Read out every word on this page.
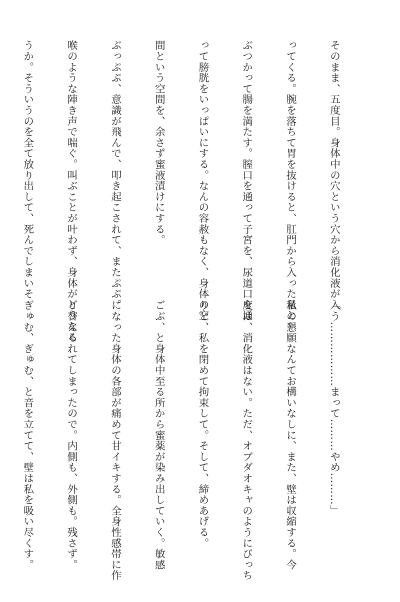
そのまま、五度目。身体中の穴という穴から消化液が入

ってくる。腕を落ちて胃を抜けると、肛門から入った量と

ぶつかって腸を満たす。膣口を通って子宮を、尿道口を通

って膀胱をいっぱいにする。なんの容赦もなく、身体の空

間という空間を、余さず蜜液漬けにする。

ぶっぷぷ、意識が飛んで、叩き起こされて、またぷぷ。

喉のような陣き声で喘ぐ。叫ぶことが叶わず、身体がどうなる

うか。そういうのを全て放り出して、死んでしまいそ

「う………………まって………やめ………」

私の懇願なんてお構いなしに、また、壁は収縮する。今

度は、消化液はない。ただ、オブダオキャのようにびっち

りと、私を閉めて拘束して。そして、締めあげる。

ごぶ、と身体中至る所から蜜薬が染み出していく。敏感

になった身体の各部が痛めて甘イキする。全身性感帯に作

り替えられてしまったので。内側も、外側も。残さず。

ぎゅむ、ぎゅむ、と音を立てて、壁は私を吸い尽くす。
